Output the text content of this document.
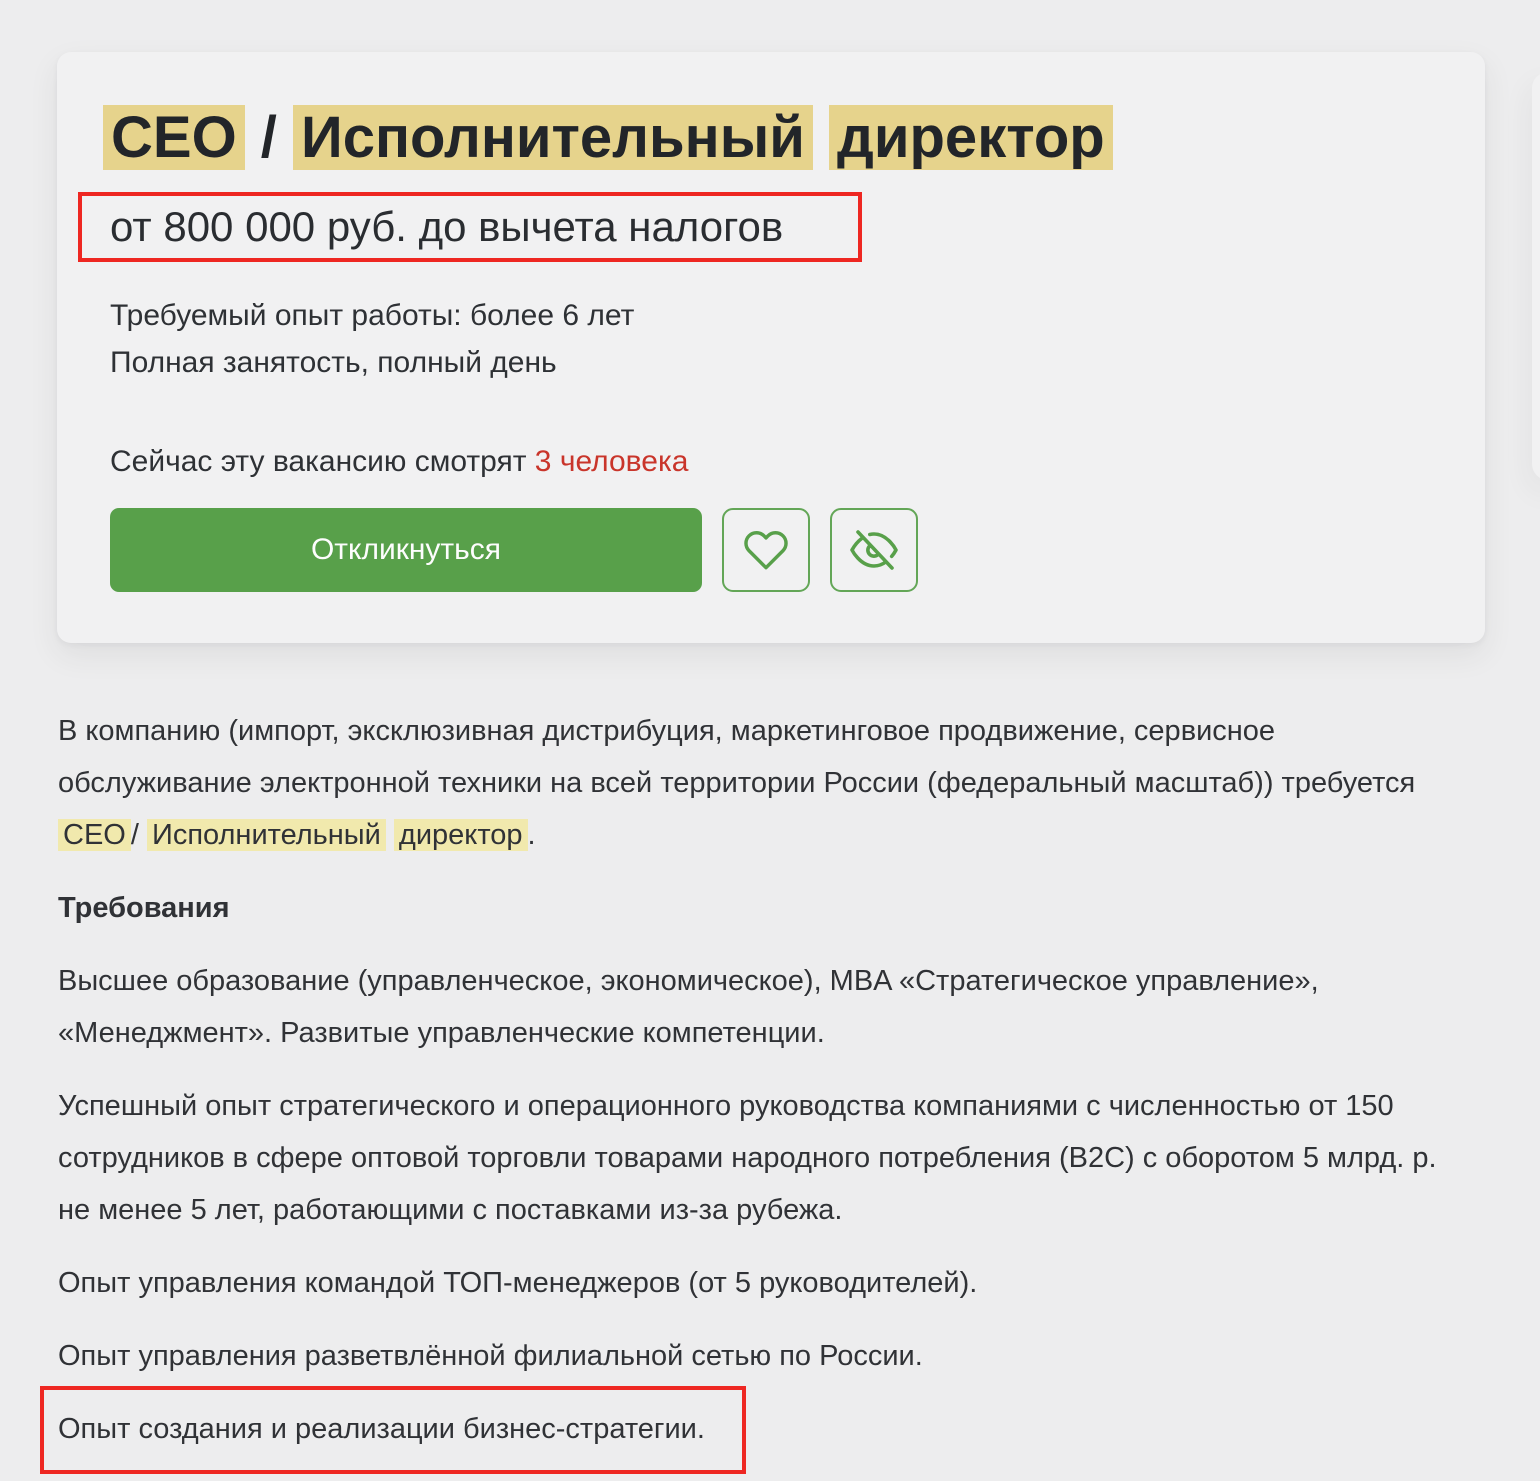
CEO / Исполнительный директор
от 800 000 руб. до вычета налогов
Требуемый опыт работы: более 6 лет
Полная занятость, полный день
Сейчас эту вакансию смотрят 3 человека
Откликнуться

В компанию (импорт, эксклюзивная дистрибуция, маркетинговое продвижение, сервисное
обслуживание электронной техники на всей территории России (федеральный масштаб)) требуется
CEO / Исполнительный директор .

Требования

Высшее образование (управленческое, экономическое), MBA «Стратегическое управление»,
«Менеджмент». Развитые управленческие компетенции.

Успешный опыт стратегического и операционного руководства компаниями с численностью от 150
сотрудников в сфере оптовой торговли товарами народного потребления (B2C) с оборотом 5 млрд. р.
не менее 5 лет, работающими с поставками из-за рубежа.

Опыт управления командой ТОП-менеджеров (от 5 руководителей).

Опыт управления разветвлённой филиальной сетью по России.

Опыт создания и реализации бизнес-стратегии.
